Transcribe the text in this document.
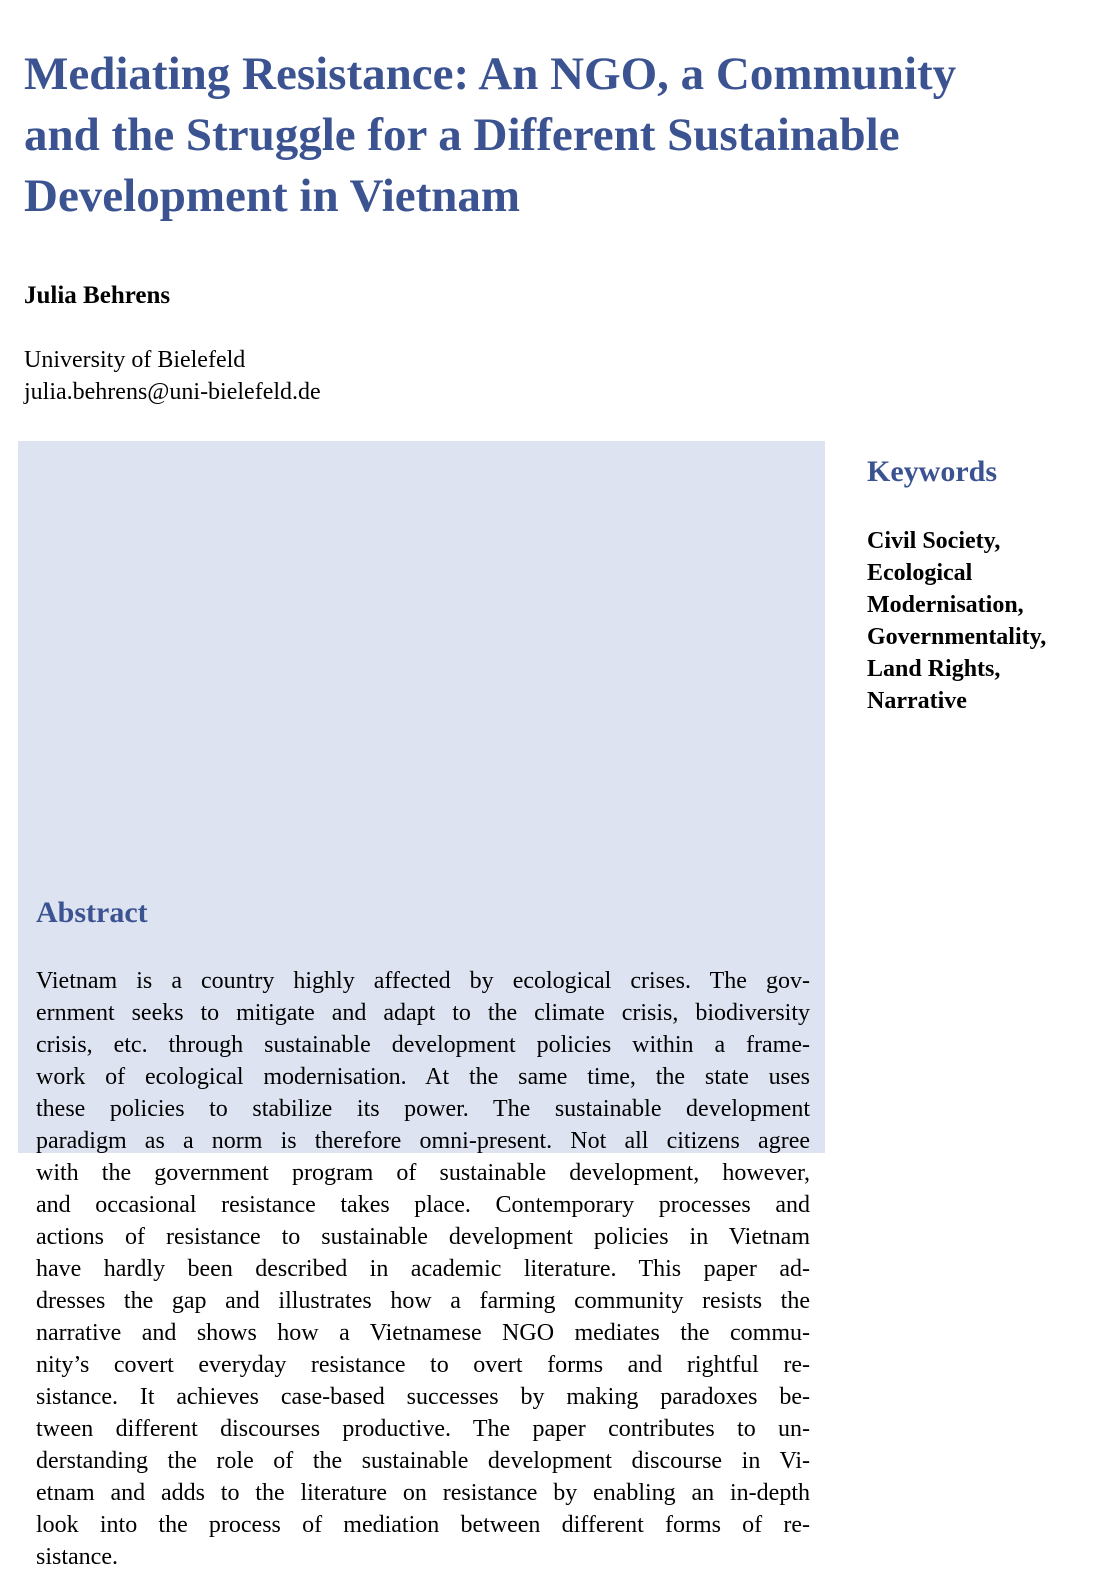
Mediating Resistance: An NGO, a Community
and the Struggle for a Different Sustainable
Development in Vietnam
Julia Behrens
University of Bielefeld
julia.behrens@uni-bielefeld.de
Abstract

Vietnam is a country highly affected by ecological crises. The gov-
ernment seeks to mitigate and adapt to the climate crisis, biodiversity
crisis, etc. through sustainable development policies within a frame-
work of ecological modernisation. At the same time, the state uses
these policies to stabilize its power. The sustainable development
paradigm as a norm is therefore omni-present. Not all citizens agree
with the government program of sustainable development, however,
and occasional resistance takes place. Contemporary processes and
actions of resistance to sustainable development policies in Vietnam
have hardly been described in academic literature. This paper ad-
dresses the gap and illustrates how a farming community resists the
narrative and shows how a Vietnamese NGO mediates the commu-
nity’s covert everyday resistance to overt forms and rightful re-
sistance. It achieves case-based successes by making paradoxes be-
tween different discourses productive. The paper contributes to un-
derstanding the role of the sustainable development discourse in Vi-
etnam and adds to the literature on resistance by enabling an in-depth
look into the process of mediation between different forms of re-
sistance.

Keywords
Civil Society,
Ecological
Modernisation,
Governmentality,
Land Rights,
Narrative
